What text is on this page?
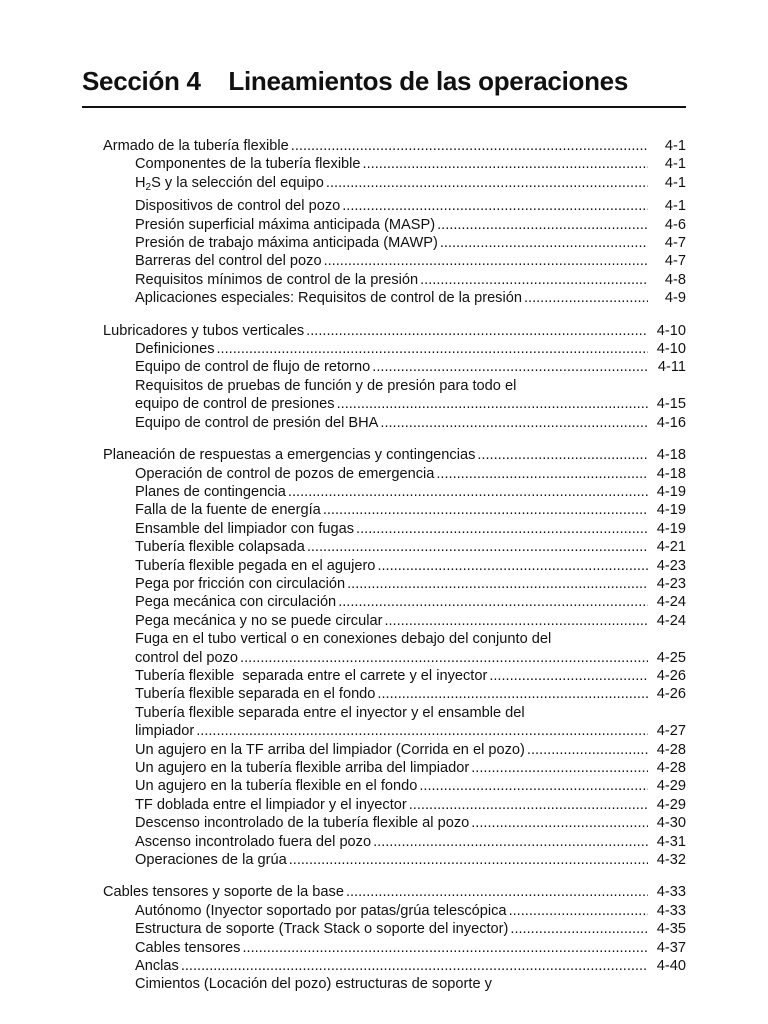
Sección 4    Lineamientos de las operaciones
Armado de la tubería flexible .....	4-1
Componentes de la tubería flexible .....	4-1
$H_2S$ y la selección del equipo .....	4-1
Dispositivos de control del pozo .....	4-1
Presión superficial máxima anticipada (MASP) .....	4-6
Presión de trabajo máxima anticipada (MAWP) .....	4-7
Barreras del control del pozo .....	4-7
Requisitos mínimos de control de la presión .....	4-8
Aplicaciones especiales: Requisitos de control de la presión .....	4-9
Lubricadores y tubos verticales .....	4-10
Definiciones .....	4-10
Equipo de control de flujo de retorno .....	4-11
Requisitos de pruebas de función y de presión para todo el
equipo de control de presiones .....	4-15
Equipo de control de presión del BHA .....	4-16
Planeación de respuestas a emergencias y contingencias .....	4-18
Operación de control de pozos de emergencia .....	4-18
Planes de contingencia .....	4-19
Falla de la fuente de energía .....	4-19
Ensamble del limpiador con fugas .....	4-19
Tubería flexible colapsada .....	4-21
Tubería flexible pegada en el agujero .....	4-23
Pega por fricción con circulación .....	4-23
Pega mecánica con circulación .....	4-24
Pega mecánica y no se puede circular .....	4-24
Fuga en el tubo vertical o en conexiones debajo del conjunto del
control del pozo .....	4-25
Tubería flexible  separada entre el carrete y el inyector .....	4-26
Tubería flexible separada en el fondo .....	4-26
Tubería flexible separada entre el inyector y el ensamble del
limpiador .....	4-27
Un agujero en la TF arriba del limpiador (Corrida en el pozo) .....	4-28
Un agujero en la tubería flexible arriba del limpiador .....	4-28
Un agujero en la tubería flexible en el fondo .....	4-29
TF doblada entre el limpiador y el inyector .....	4-29
Descenso incontrolado de la tubería flexible al pozo .....	4-30
Ascenso incontrolado fuera del pozo .....	4-31
Operaciones de la grúa .....	4-32
Cables tensores y soporte de la base .....	4-33
Autónomo (Inyector soportado por patas/grúa telescópica .....	4-33
Estructura de soporte (Track Stack o soporte del inyector) .....	4-35
Cables tensores .....	4-37
Anclas .....	4-40
Cimientos (Locación del pozo) estructuras de soporte y
